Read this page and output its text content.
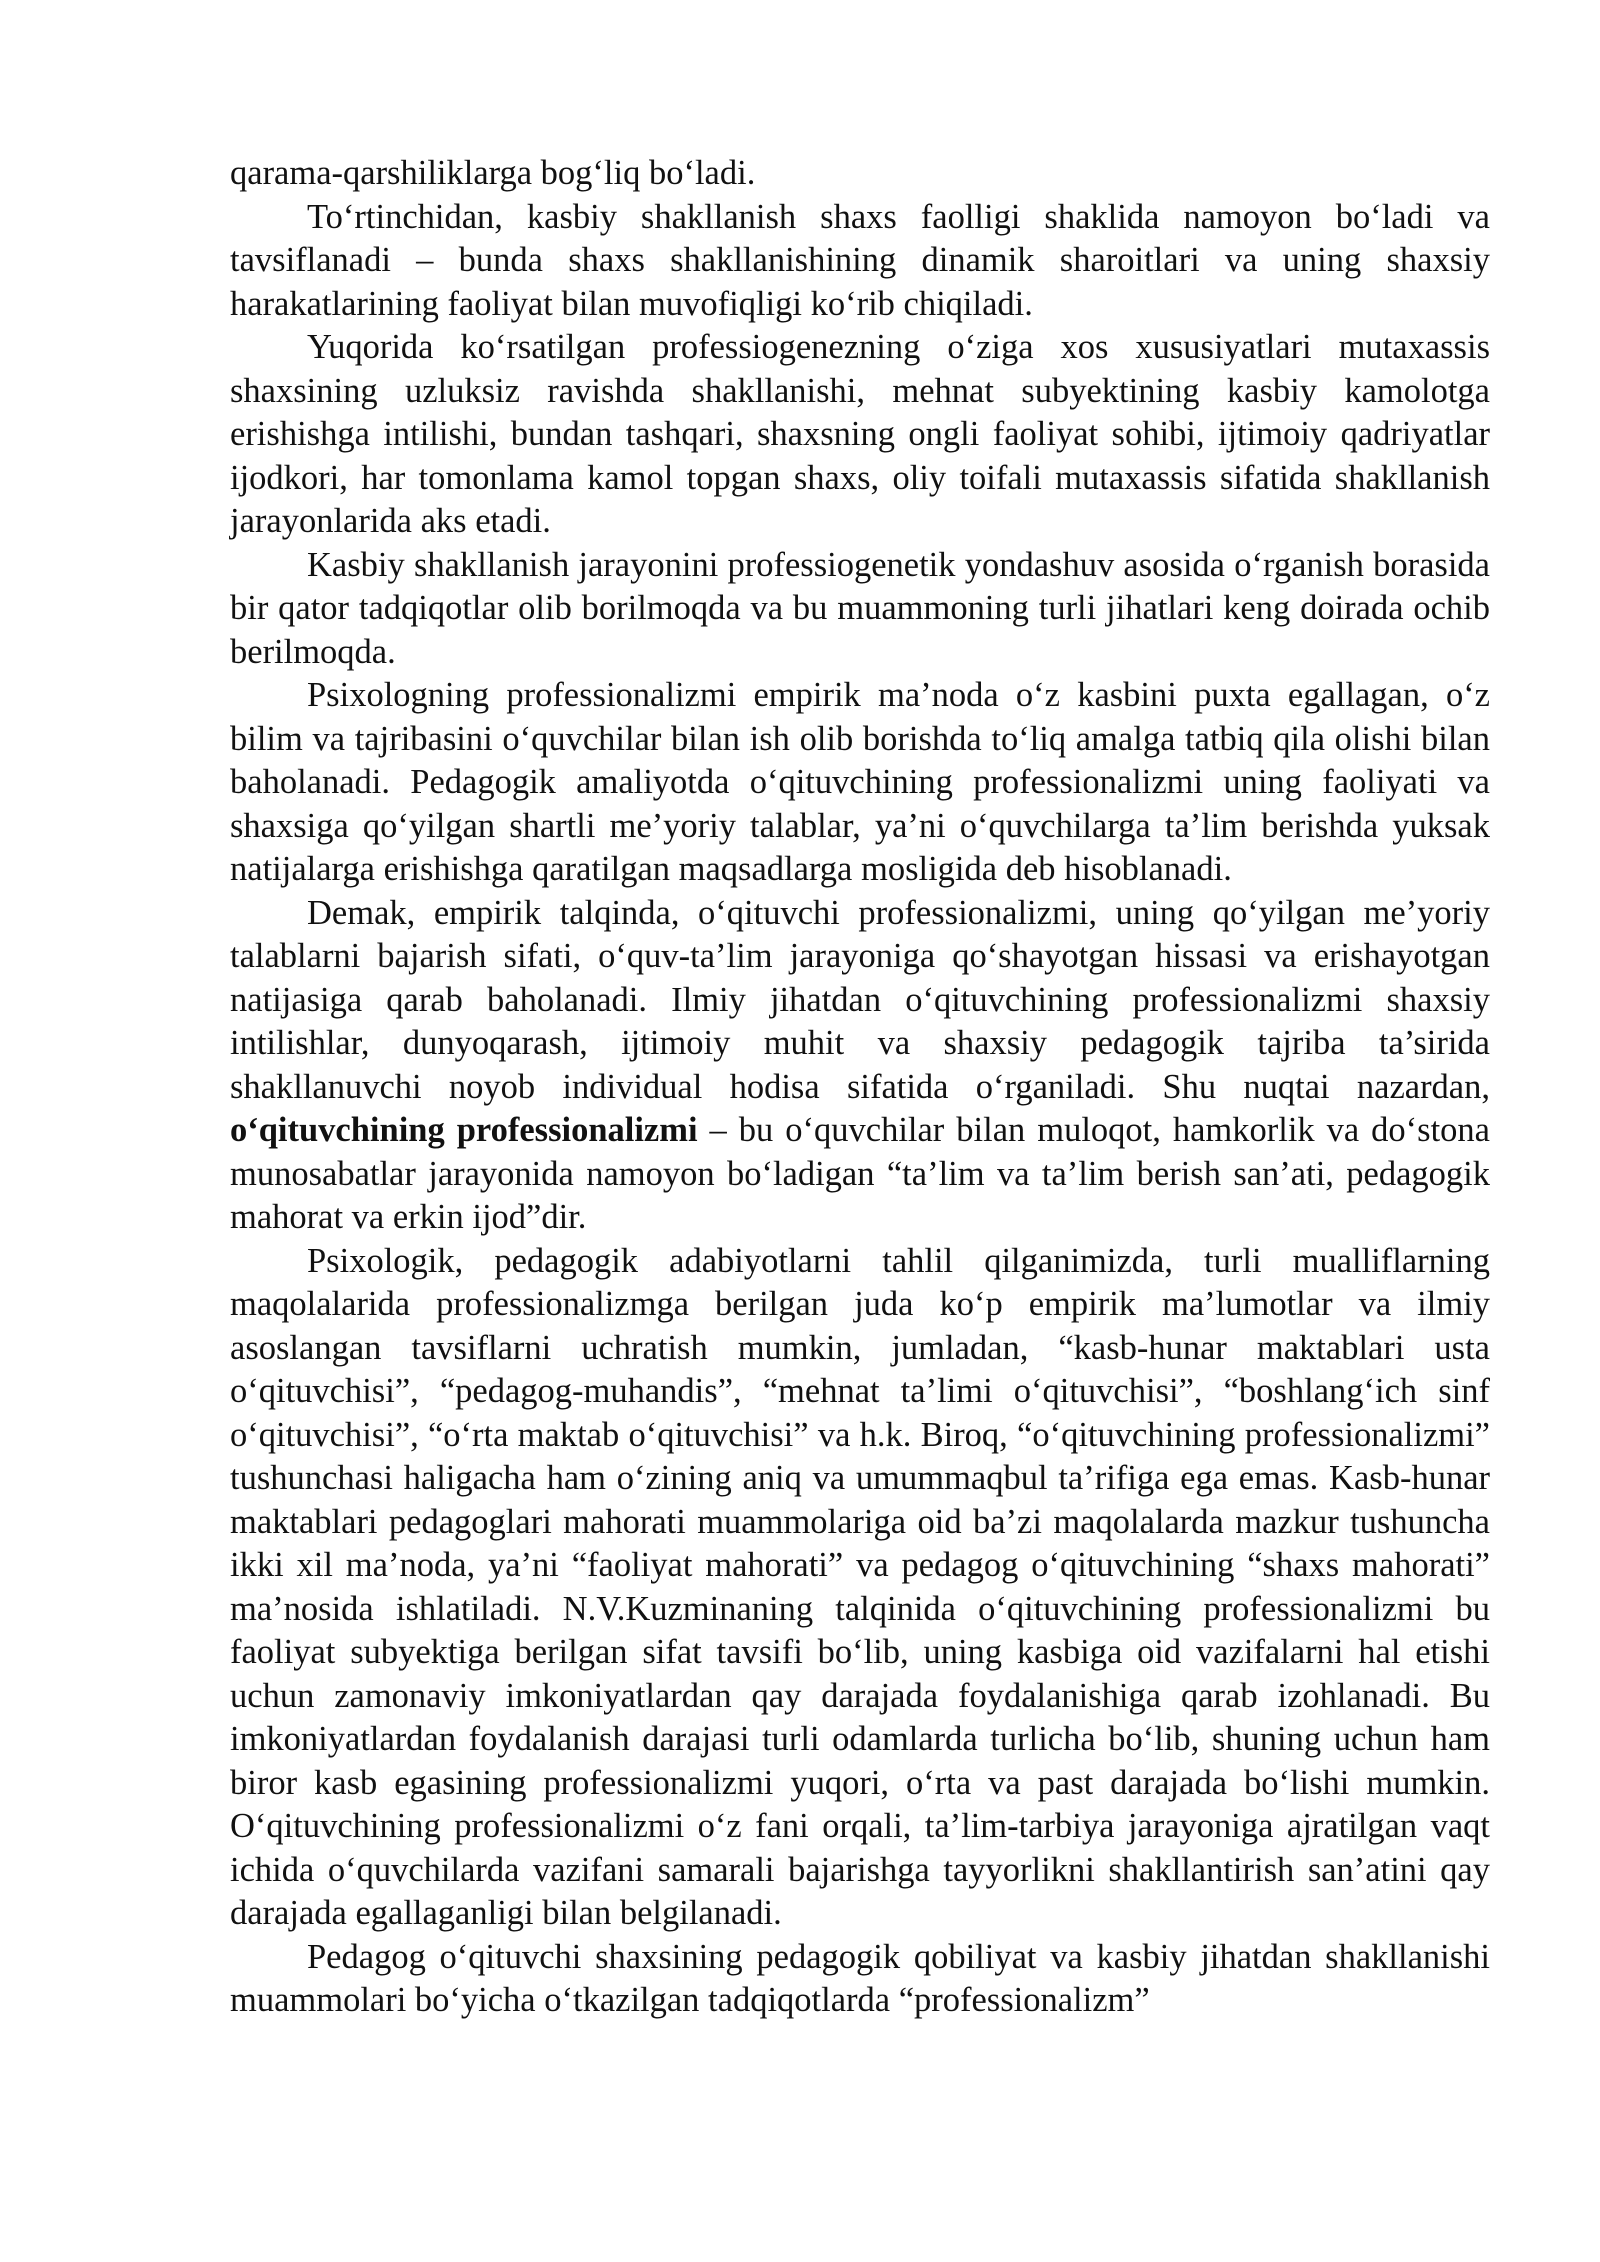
qarama-qarshiliklarga bog‘liq bo‘ladi.

To‘rtinchidan, kasbiy shakllanish shaxs faolligi shaklida namoyon bo‘ladi va tavsiflanadi – bunda shaxs shakllanishining dinamik sharoitlari va uning shaxsiy harakatlarining faoliyat bilan muvofiqligi ko‘rib chiqiladi.

Yuqorida ko‘rsatilgan professiogenezning o‘ziga xos xususiyatlari mutaxassis shaxsining uzluksiz ravishda shakllanishi, mehnat subyektining kasbiy kamolotga erishishga intilishi, bundan tashqari, shaxsning ongli faoliyat sohibi, ijtimoiy qadriyatlar ijodkori, har tomonlama kamol topgan shaxs, oliy toifali mutaxassis sifatida shakllanish jarayonlarida aks etadi.

Kasbiy shakllanish jarayonini professiogenetik yondashuv asosida o‘rganish borasida bir qator tadqiqotlar olib borilmoqda va bu muammoning turli jihatlari keng doirada ochib berilmoqda.

Psixologning professionalizmi empirik ma’noda o‘z kasbini puxta egallagan, o‘z bilim va tajribasini o‘quvchilar bilan ish olib borishda to‘liq amalga tatbiq qila olishi bilan baholanadi. Pedagogik amaliyotda o‘qituvchining professionalizmi uning faoliyati va shaxsiga qo‘yilgan shartli me’yoriy talablar, ya’ni o‘quvchilarga ta’lim berishda yuksak natijalarga erishishga qaratilgan maqsadlarga mosligida deb hisoblanadi.

Demak, empirik talqinda, o‘qituvchi professionalizmi, uning qo‘yilgan me’yoriy talablarni bajarish sifati, o‘quv-ta’lim jarayoniga qo‘shayotgan hissasi va erishayotgan natijasiga qarab baholanadi. Ilmiy jihatdan o‘qituvchining professionalizmi shaxsiy intilishlar, dunyoqarash, ijtimoiy muhit va shaxsiy pedagogik tajriba ta’sirida shakllanuvchi noyob individual hodisa sifatida o‘rganiladi. Shu nuqtai nazardan, o‘qituvchining professionalizmi – bu o‘quvchilar bilan muloqot, hamkorlik va do‘stona munosabatlar jarayonida namoyon bo‘ladigan “ta’lim va ta’lim berish san’ati, pedagogik mahorat va erkin ijod”dir.

Psixologik, pedagogik adabiyotlarni tahlil qilganimizda, turli mualliflarning maqolalarida professionalizmga berilgan juda ko‘p empirik ma’lumotlar va ilmiy asoslangan tavsiflarni uchratish mumkin, jumladan, “kasb-hunar maktablari usta o‘qituvchisi”, “pedagog-muhandis”, “mehnat ta’limi o‘qituvchisi”, “boshlang‘ich sinf o‘qituvchisi”, “o‘rta maktab o‘qituvchisi” va h.k. Biroq, “o‘qituvchining professionalizmi” tushunchasi haligacha ham o‘zining aniq va umummaqbul ta’rifiga ega emas. Kasb-hunar maktablari pedagoglari mahorati muammolariga oid ba’zi maqolalarda mazkur tushuncha ikki xil ma’noda, ya’ni “faoliyat mahorati” va pedagog o‘qituvchining “shaxs mahorati” ma’nosida ishlatiladi. N.V.Kuzminaning talqinida o‘qituvchining professionalizmi bu faoliyat subyektiga berilgan sifat tavsifi bo‘lib, uning kasbiga oid vazifalarni hal etishi uchun zamonaviy imkoniyatlardan qay darajada foydalanishiga qarab izohlanadi. Bu imkoniyatlardan foydalanish darajasi turli odamlarda turlicha bo‘lib, shuning uchun ham biror kasb egasining professionalizmi yuqori, o‘rta va past darajada bo‘lishi mumkin. O‘qituvchining professionalizmi o‘z fani orqali, ta’lim-tarbiya jarayoniga ajratilgan vaqt ichida o‘quvchilarda vazifani samarali bajarishga tayyorlikni shakllantirish san’atini qay darajada egallaganligi bilan belgilanadi.

Pedagog o‘qituvchi shaxsining pedagogik qobiliyat va kasbiy jihatdan shakllanishi muammolari bo‘yicha o‘tkazilgan tadqiqotlarda “professionalizm”
